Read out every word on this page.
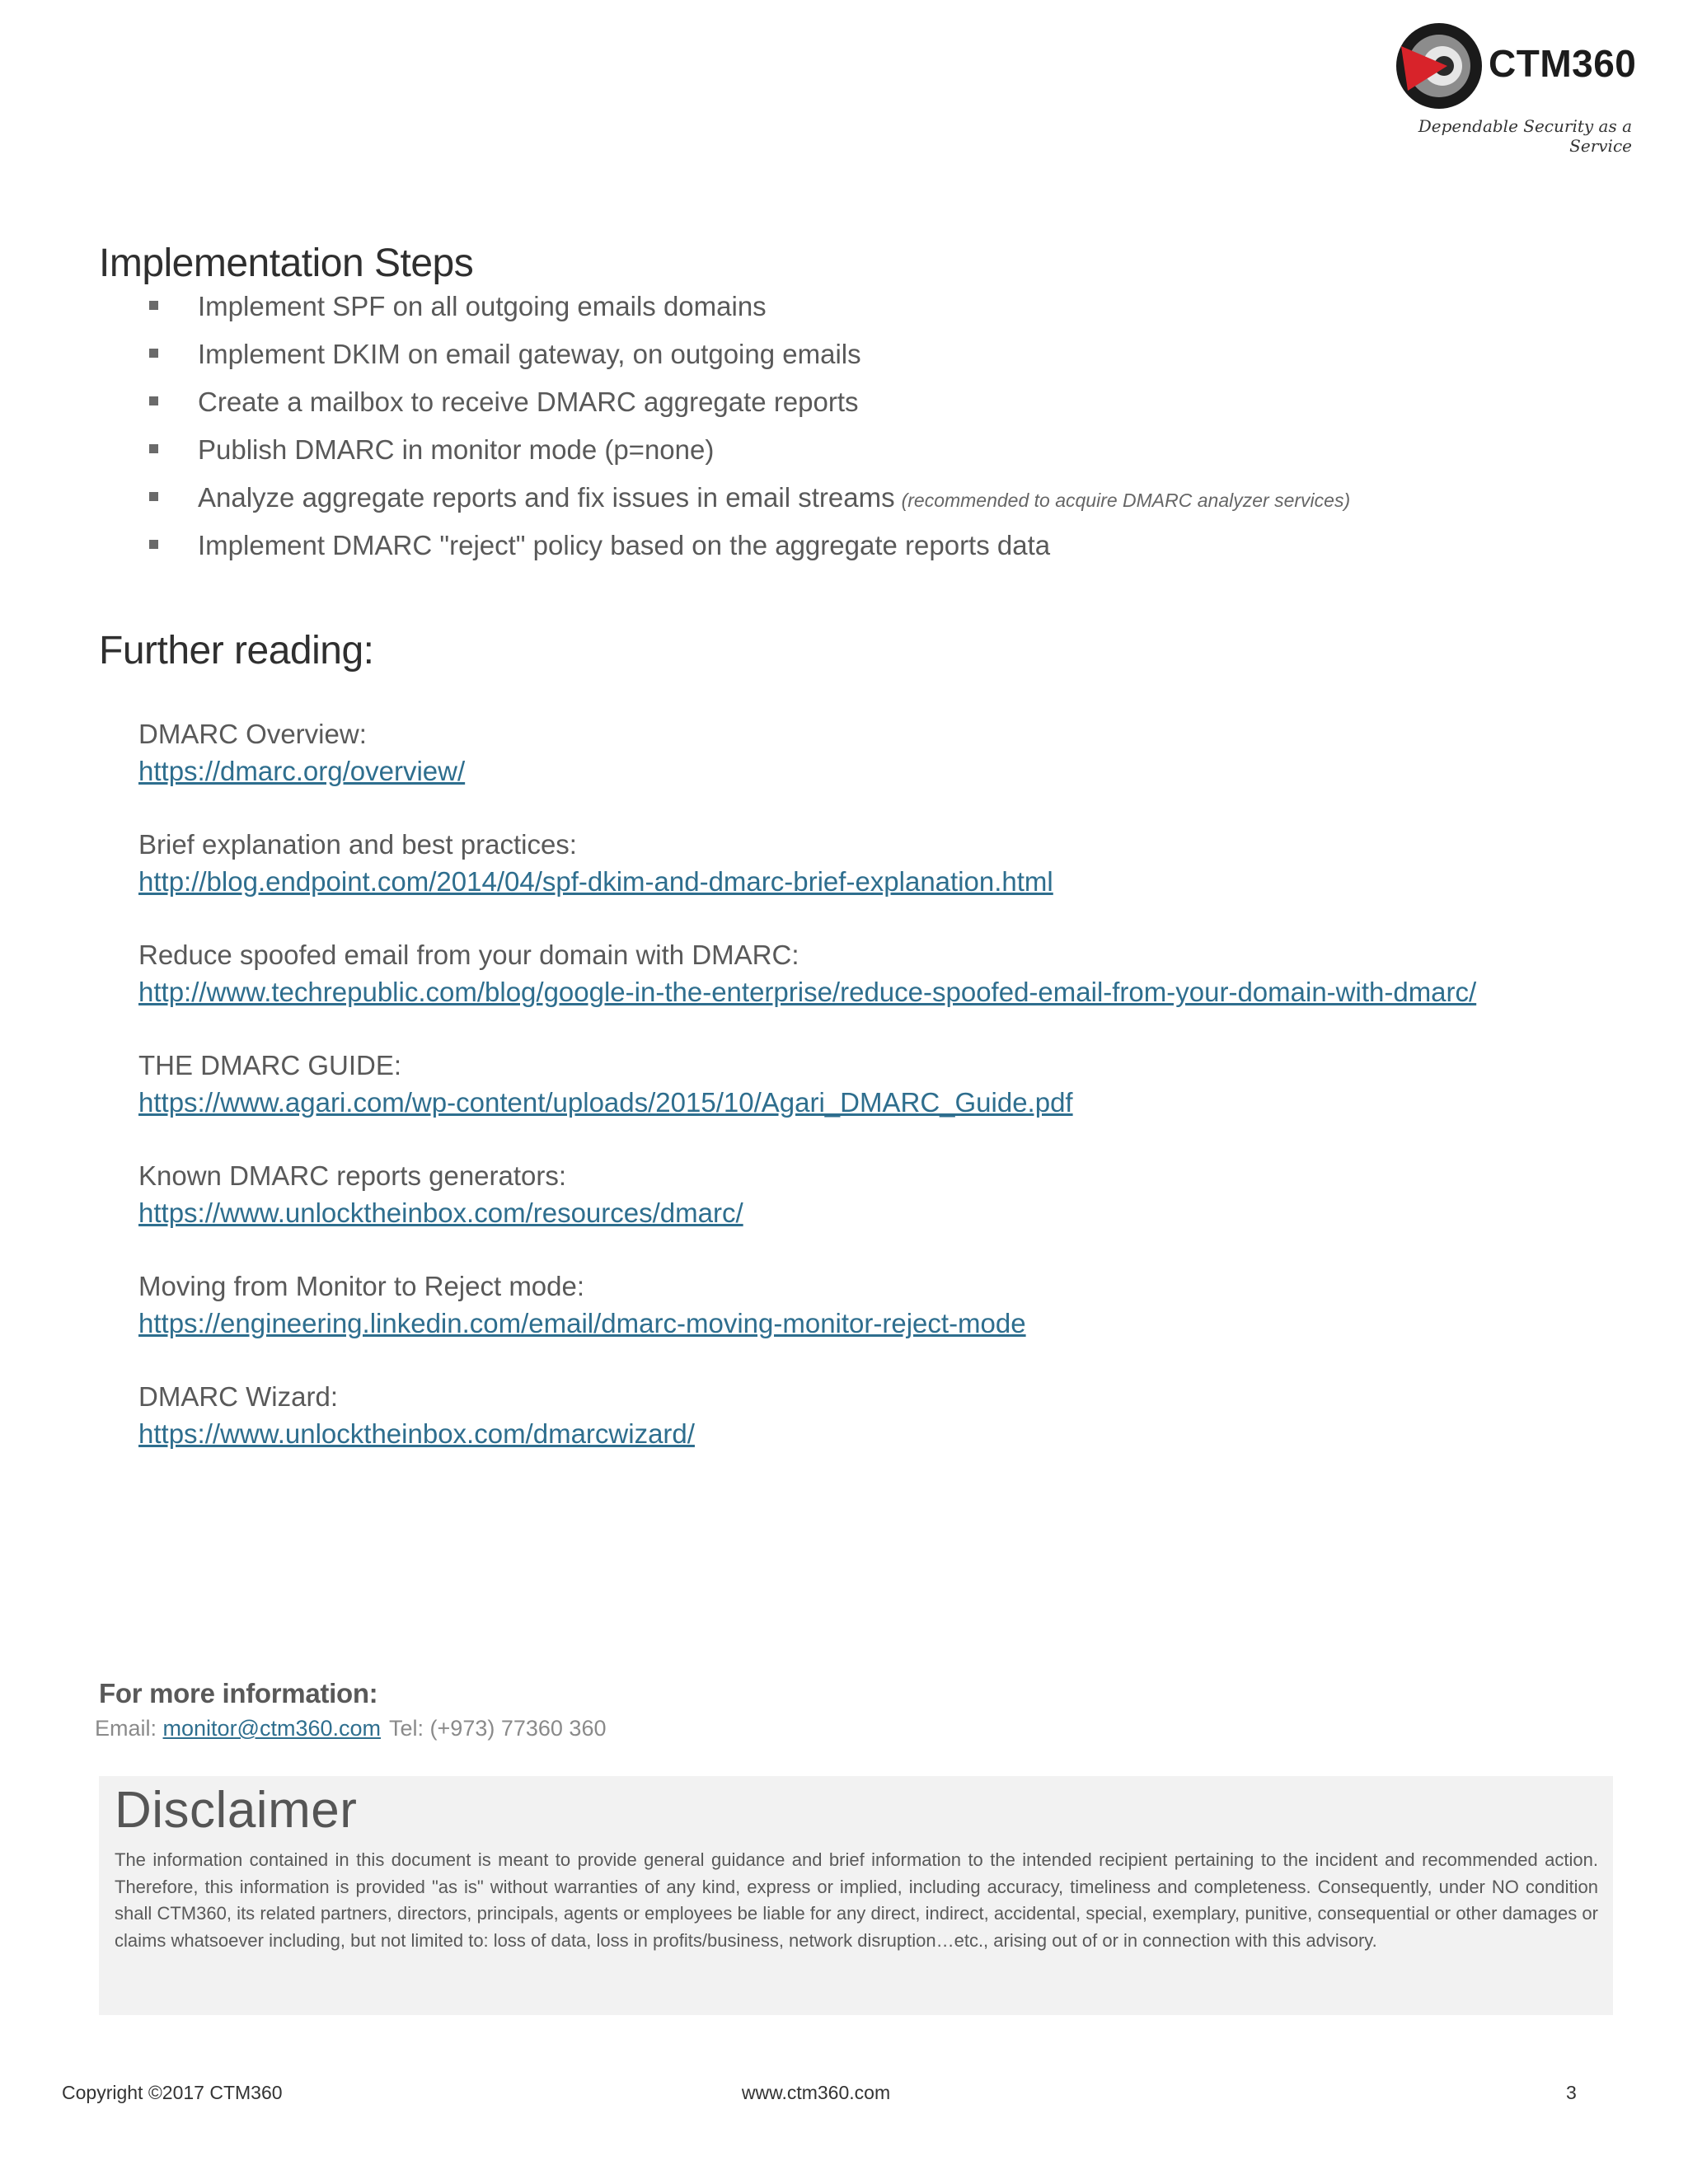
CTM360
Dependable Security as a Service
Implementation Steps
Implement SPF on all outgoing emails domains
Implement DKIM on email gateway, on outgoing emails
Create a mailbox to receive DMARC aggregate reports
Publish DMARC in monitor mode (p=none)
Analyze aggregate reports and fix issues in email streams (recommended to acquire DMARC analyzer services)
Implement DMARC "reject" policy based on the aggregate reports data
Further reading:
DMARC Overview:
https://dmarc.org/overview/
Brief explanation and best practices:
http://blog.endpoint.com/2014/04/spf-dkim-and-dmarc-brief-explanation.html
Reduce spoofed email from your domain with DMARC:
http://www.techrepublic.com/blog/google-in-the-enterprise/reduce-spoofed-email-from-your-domain-with-dmarc/
THE DMARC GUIDE:
https://www.agari.com/wp-content/uploads/2015/10/Agari_DMARC_Guide.pdf
Known DMARC reports generators:
https://www.unlocktheinbox.com/resources/dmarc/
Moving from Monitor to Reject mode:
https://engineering.linkedin.com/email/dmarc-moving-monitor-reject-mode
DMARC Wizard:
https://www.unlocktheinbox.com/dmarcwizard/
For more information:
Email: monitor@ctm360.com Tel: (+973) 77360 360
Disclaimer
The information contained in this document is meant to provide general guidance and brief information to the intended recipient pertaining to the incident and recommended action. Therefore, this information is provided "as is" without warranties of any kind, express or implied, including accuracy, timeliness and completeness. Consequently, under NO condition shall CTM360, its related partners, directors, principals, agents or employees be liable for any direct, indirect, accidental, special, exemplary, punitive, consequential or other damages or claims whatsoever including, but not limited to: loss of data, loss in profits/business, network disruption…etc., arising out of or in connection with this advisory.
Copyright ©2017 CTM360	www.ctm360.com	3
